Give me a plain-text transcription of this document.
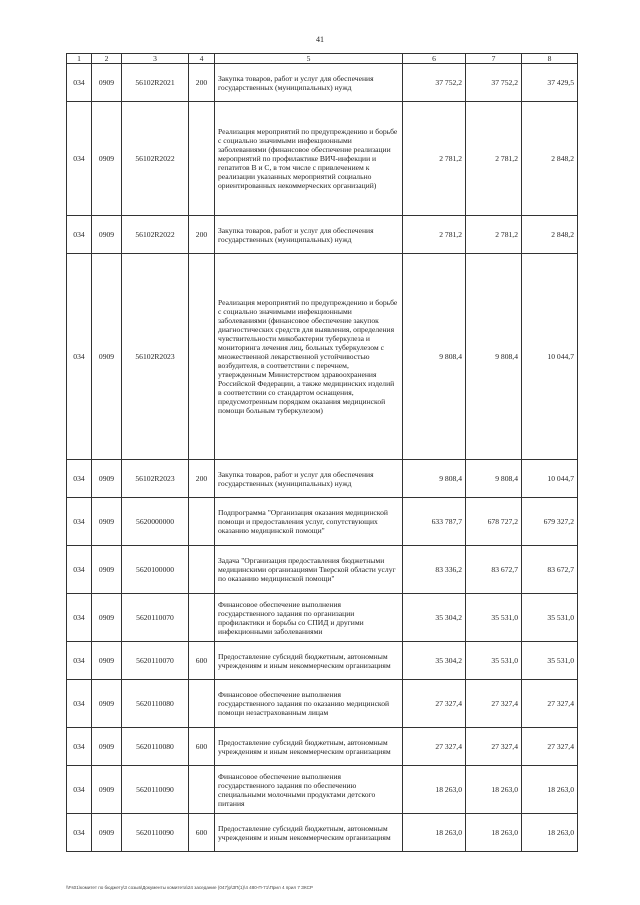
41
1	2	3	4	5	6	7	8
034	0909	56102R2021	200	Закупка товаров, работ и услуг для обеспечения государственных (муниципальных) нужд	37 752,2	37 752,2	37 429,5
034	0909	56102R2022		Реализация мероприятий по предупреждению и борьбе с социально значимыми инфекционными заболеваниями (финансовое обеспечение реализации мероприятий по профилактике ВИЧ-инфекции и гепатитов В и С, в том числе с привлечением к реализации указанных мероприятий социально ориентированных некоммерческих организаций)	2 781,2	2 781,2	2 848,2
034	0909	56102R2022	200	Закупка товаров, работ и услуг для обеспечения государственных (муниципальных) нужд	2 781,2	2 781,2	2 848,2
034	0909	56102R2023		Реализация мероприятий по предупреждению и борьбе с социально значимыми инфекционными заболеваниями (финансовое обеспечение закупок диагностических средств для выявления, определения чувствительности микобактерии туберкулеза и мониторинга лечения лиц, больных туберкулезом с множественной лекарственной устойчивостью возбудителя, в соответствии с перечнем, утвержденным Министерством здравоохранения Российской Федерации, а также медицинских изделий в соответствии со стандартом оснащения, предусмотренным порядком оказания медицинской помощи больным туберкулезом)	9 808,4	9 808,4	10 044,7
034	0909	56102R2023	200	Закупка товаров, работ и услуг для обеспечения государственных (муниципальных) нужд	9 808,4	9 808,4	10 044,7
034	0909	5620000000		Подпрограмма "Организация оказания медицинской помощи и предоставления услуг, сопутствующих оказанию медицинской помощи"	633 787,7	678 727,2	679 327,2
034	0909	5620100000		Задача "Организация предоставления бюджетными медицинскими организациями Тверской области услуг по оказанию медицинской помощи"	83 336,2	83 672,7	83 672,7
034	0909	5620110070		Финансовое обеспечение выполнения государственного задания по организации профилактики и борьбы со СПИД и другими инфекционными заболеваниями	35 304,2	35 531,0	35 531,0
034	0909	5620110070	600	Предоставление субсидий бюджетным, автономным учреждениям и иным некоммерческим организациям	35 304,2	35 531,0	35 531,0
034	0909	5620110080		Финансовое обеспечение выполнения государственного задания по оказанию медицинской помощи незастрахованным лицам	27 327,4	27 327,4	27 327,4
034	0909	5620110080	600	Предоставление субсидий бюджетным, автономным учреждениям и иным некоммерческим организациям	27 327,4	27 327,4	27 327,4
034	0909	5620110090		Финансовое обеспечение выполнения государственного задания по обеспечению специальными молочными продуктами детского питания	18 263,0	18 263,0	18 263,0
034	0909	5620110090	600	Предоставление субсидий бюджетным, автономным учреждениям и иным некоммерческим организациям	18 263,0	18 263,0	18 263,0
\\Fs01\комитет по бюджету\3 созыв\Документы комитета\24 заседание (047)р\ЗП(1)\4 480-П-71\Прил 4 прил 7 ЗКСР
